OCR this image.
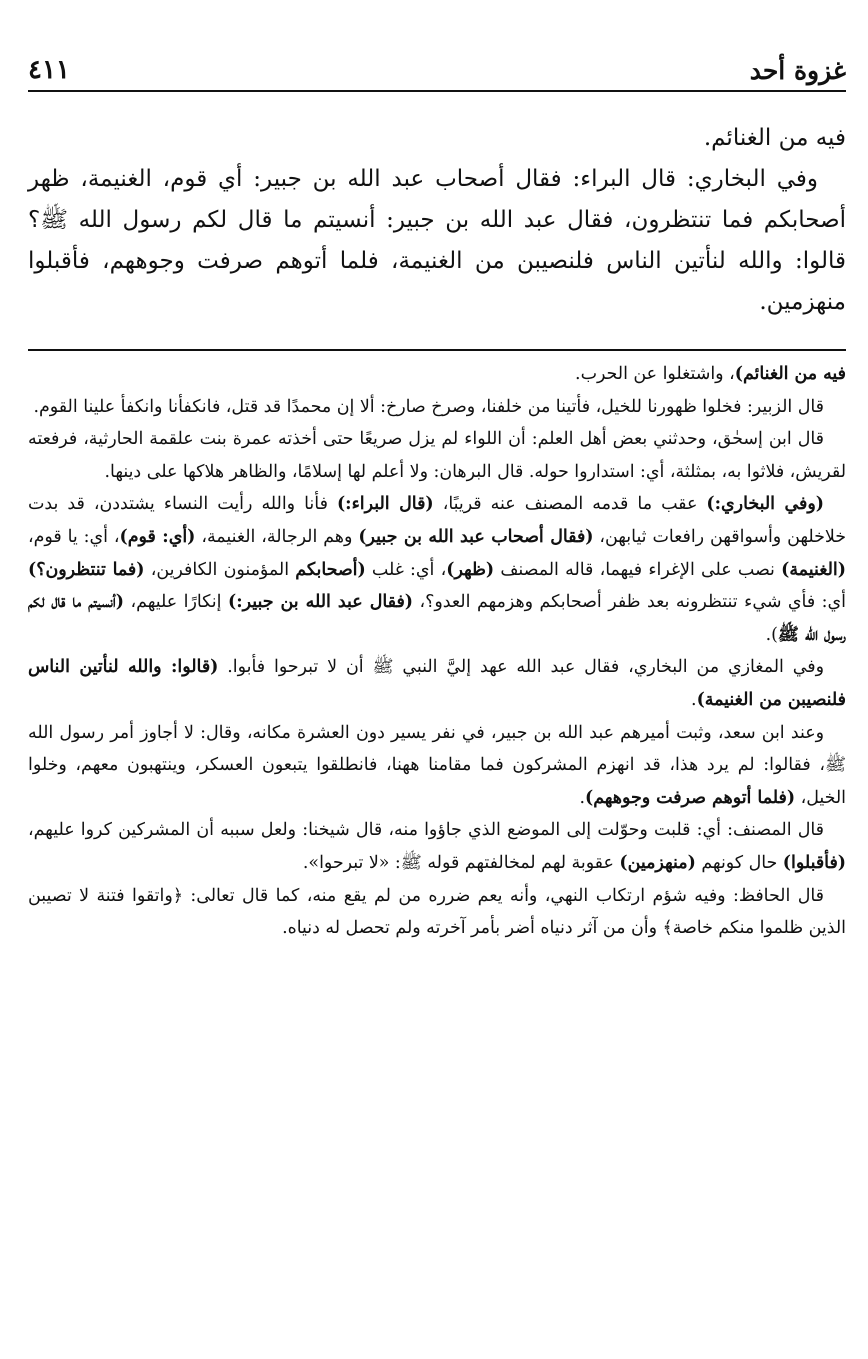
غزوة أحد
٤١١

فيه من الغنائم.

وفي البخاري: قال البراء: فقال أصحاب عبد الله بن جبير: أي قوم، الغنيمة، ظهر أصحابكم فما تنتظرون، فقال عبد الله بن جبير: أنسيتم ما قال لكم رسول الله ﷺ؟ قالوا: والله لنأتين الناس فلنصيبن من الغنيمة، فلما أتوهم صرفت وجوههم، فأقبلوا منهزمين.

فيه من الغنائم)، واشتغلوا عن الحرب.

قال الزبير: فخلوا ظهورنا للخيل، فأتينا من خلفنا، وصرخ صارخ: ألا إن محمدًا قد قتل، فانكفأنا وانكفأ علينا القوم.

قال ابن إسحٰق، وحدثني بعض أهل العلم: أن اللواء لم يزل صريعًا حتى أخذته عمرة بنت علقمة الحارثية، فرفعته لقريش، فلاثوا به، بمثلثة، أي: استداروا حوله. قال البرهان: ولا أعلم لها إسلامًا، والظاهر هلاكها على دينها.

(وفي البخاري:) عقب ما قدمه المصنف عنه قريبًا، (قال البراء:) فأنا والله رأيت النساء يشتددن، قد بدت خلاخلهن وأسواقهن رافعات ثيابهن، (فقال أصحاب عبد الله بن جبير) وهم الرجالة، الغنيمة، (أي: قوم)، أي: يا قوم، (الغنيمة) نصب على الإغراء فيهما، قاله المصنف (ظهر)، أي: غلب (أصحابكم المؤمنون الكافرين، (فما تنتظرون؟) أي: فأي شيء تنتظرونه بعد ظفر أصحابكم وهزمهم العدو؟، (فقال عبد الله بن جبير:) إنكارًا عليهم، (أنسيتم ما قال لكم رسول الله ﷺ).

وفي المغازي من البخاري، فقال عبد الله عهد إليَّ النبي ﷺ أن لا تبرحوا فأبوا. (قالوا: والله لنأتين الناس فلنصيبن من الغنيمة).

وعند ابن سعد، وثبت أميرهم عبد الله بن جبير، في نفر يسير دون العشرة مكانه، وقال: لا أجاوز أمر رسول الله ﷺ، فقالوا: لم يرد هذا، قد انهزم المشركون فما مقامنا ههنا، فانطلقوا يتبعون العسكر، وينتهبون معهم، وخلوا الخيل، (فلما أتوهم صرفت وجوههم).

قال المصنف: أي: قلبت وحوّلت إلى الموضع الذي جاؤوا منه، قال شيخنا: ولعل سببه أن المشركين كروا عليهم، (فأقبلوا) حال كونهم (منهزمين) عقوبة لهم لمخالفتهم قوله ﷺ: «لا تبرحوا».

قال الحافظ: وفيه شؤم ارتكاب النهي، وأنه يعم ضرره من لم يقع منه، كما قال تعالى: ﴿واتقوا فتنة لا تصيبن الذين ظلموا منكم خاصة﴾ وأن من آثر دنياه أضر بأمر آخرته ولم تحصل له دنياه.
